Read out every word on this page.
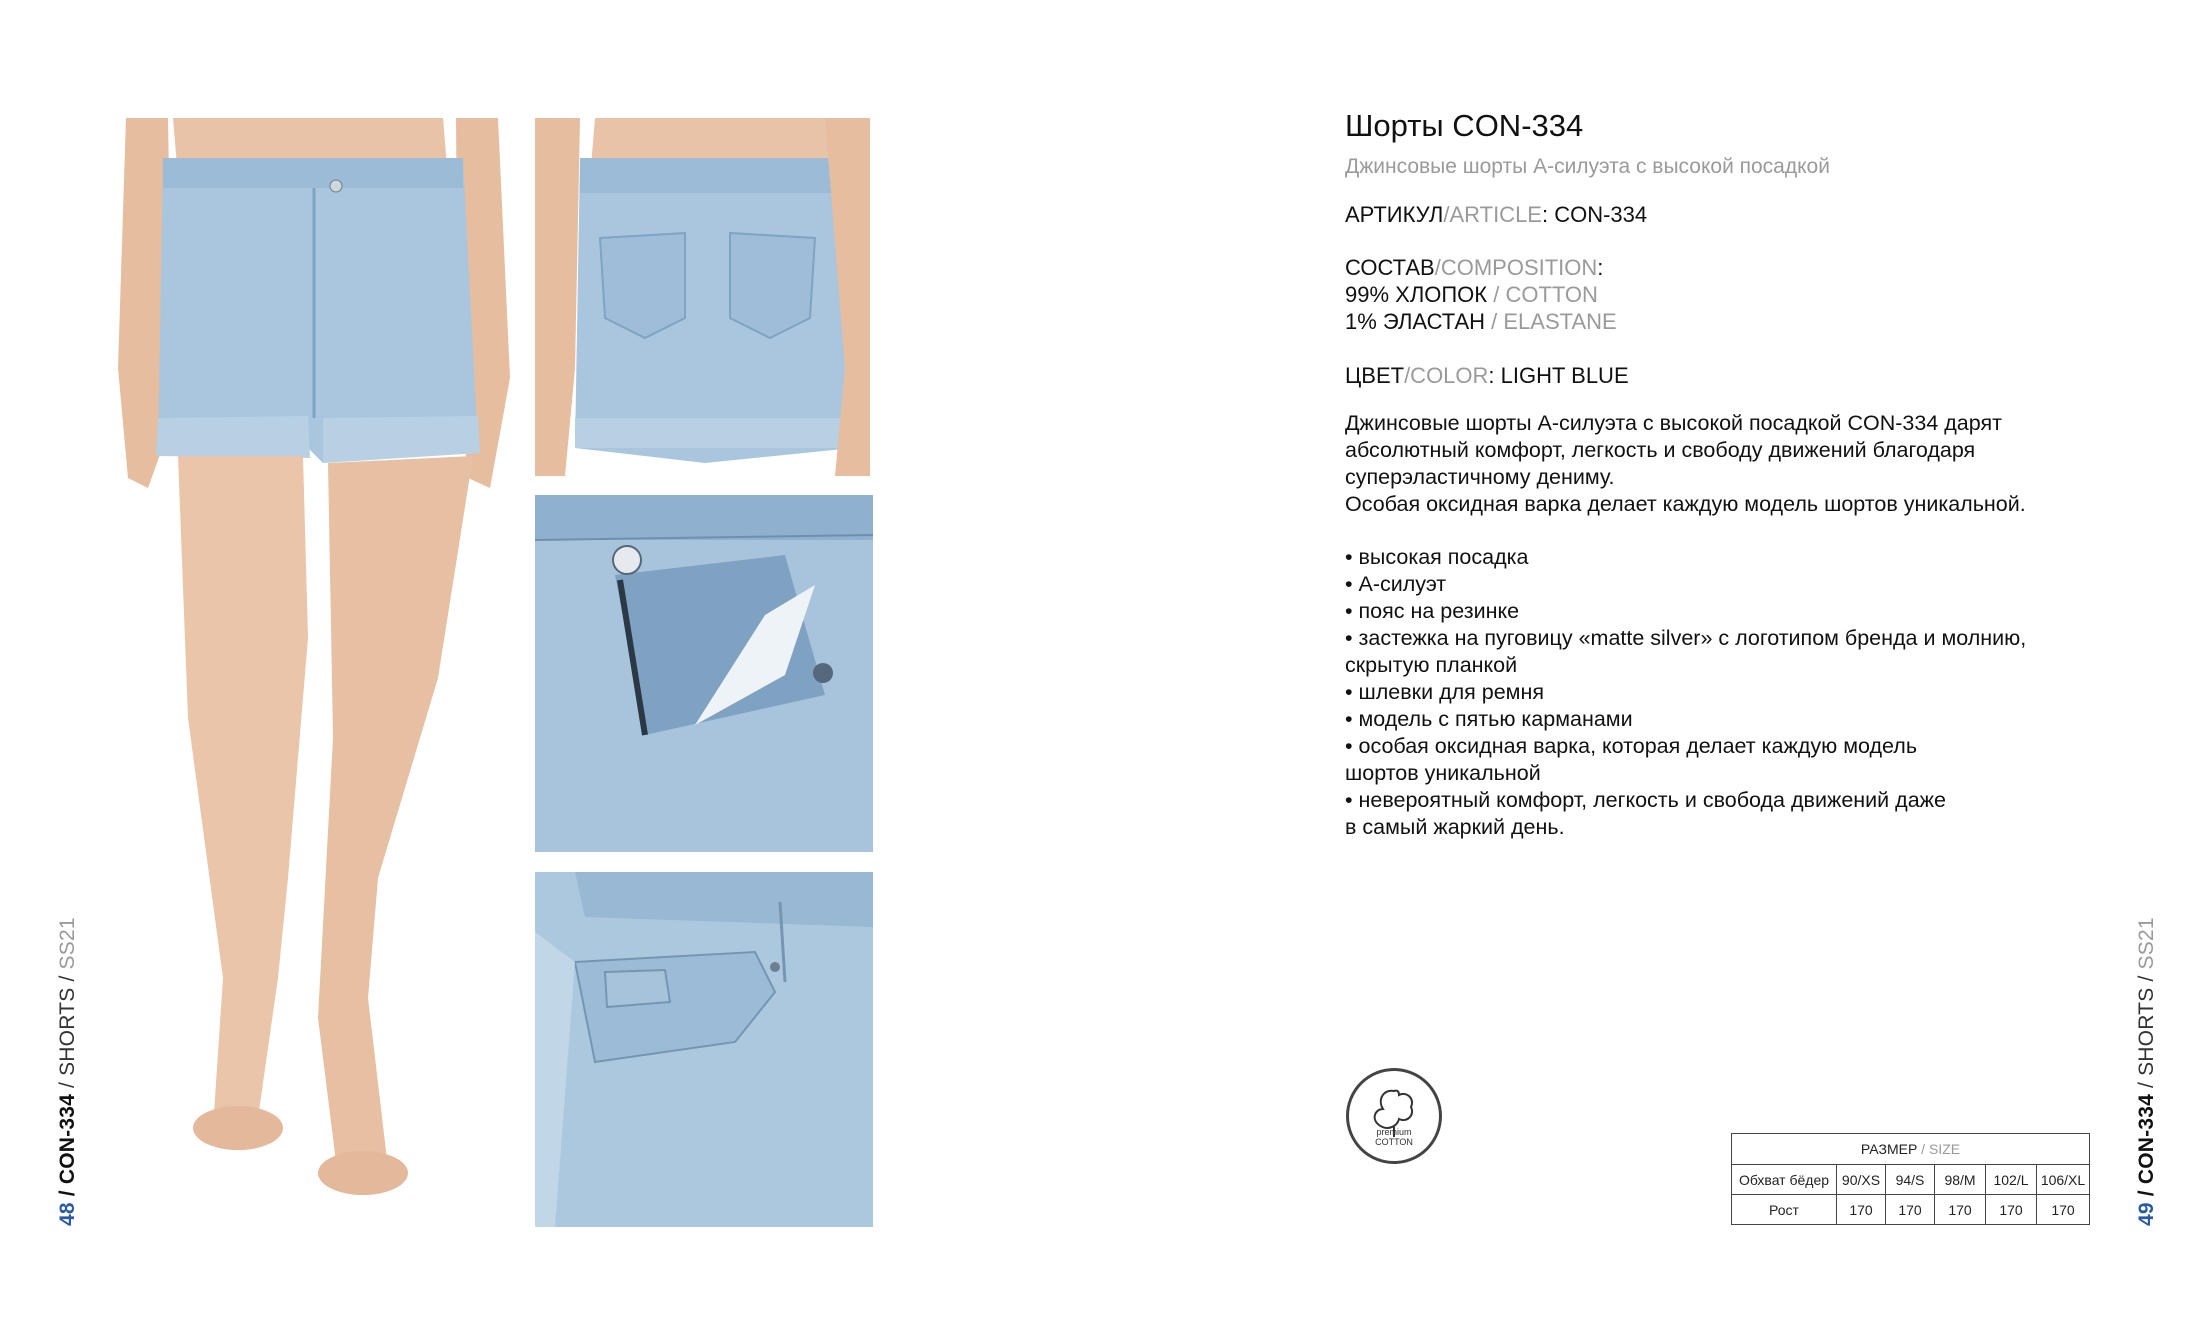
48 / CON-334 / SHORTS / SS21
49 / CON-334 / SHORTS / SS21
Шорты CON-334
Джинсовые шорты А-силуэта с высокой посадкой
АРТИКУЛ/ARTICLE: CON-334
СОСТАВ/COMPOSITION:
99% ХЛОПОК / COTTON
1% ЭЛАСТАН / ELASTANE
ЦВЕТ/COLOR: LIGHT BLUE

Джинсовые шорты А-силуэта с высокой посадкой CON-334 дарят

абсолютный комфорт, легкость и свободу движений благодаря

суперэластичному дениму.

Особая оксидная варка делает каждую модель шортов уникальной.

• высокая посадка
• А-силуэт
• пояс на резинке
• застежка на пуговицу «matte silver» с логотипом бренда и молнию,
скрытую планкой
• шлевки для ремня
• модель с пятью карманами
• особая оксидная варка, которая делает каждую модель
шортов уникальной
• невероятный комфорт, легкость и свобода движений даже
в самый жаркий день.
premium
COTTON	РАЗМЕР / SIZE					
Обхват бёдер	90/XS	94/S	98/M	102/L	106/XL
Рост	170	170	170	170	170
